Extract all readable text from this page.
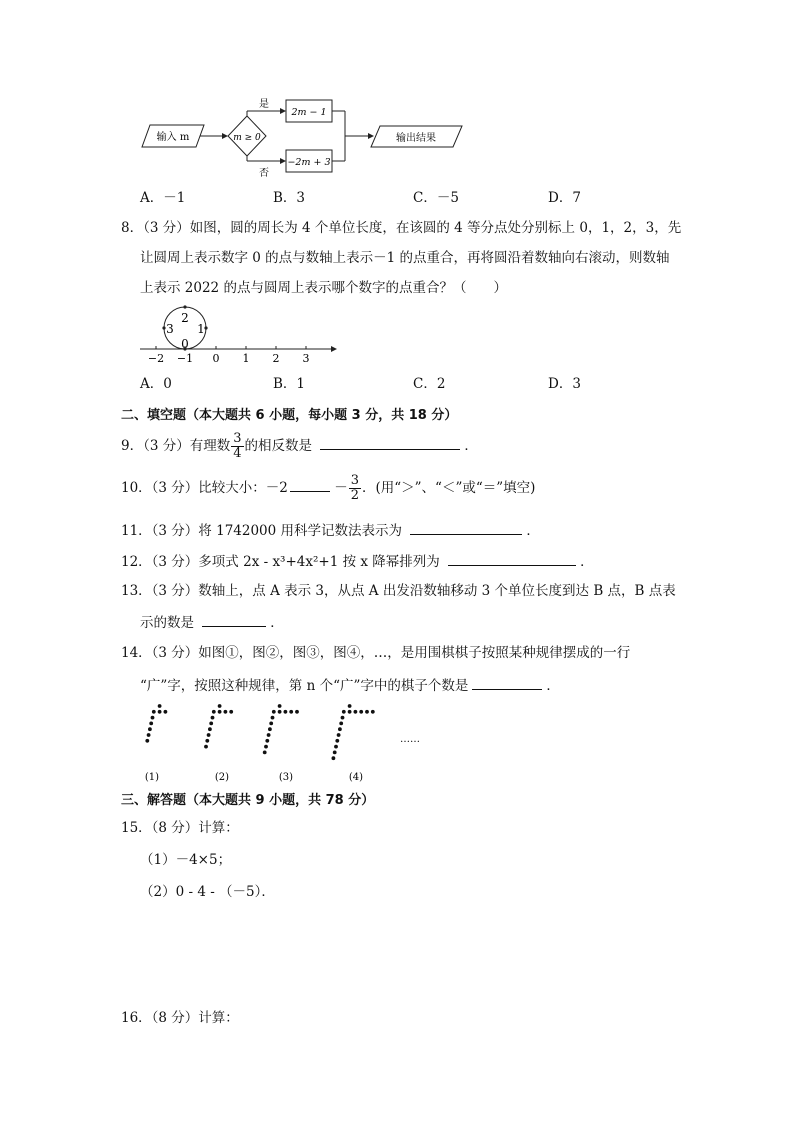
输入 m	m ≥ 0
是
否
2m − 1
−2m + 3
输出结果
A．－1	B．3	C．－5	D．7
8．（3 分）如图，圆的周长为 4 个单位长度，在该圆的 4 等分点处分别标上 0，1，2，3，先
让圆周上表示数字 0 的点与数轴上表示－1 的点重合，再将圆沿着数轴向右滚动，则数轴
上表示 2022 的点与圆周上表示哪个数字的点重合？（　　）
2
3 1
0
−2 −1 0 1 2 3
A．0	B．1	C．2	D．3
二、填空题（本大题共 6 小题，每小题 3 分，共 18 分）
9．（3 分）有理数 $\frac{3}{4}$ 的相反数是	．
10．（3 分）比较大小：－2	－ $\frac{3}{2}$ ．(用“＞”、“＜”或“＝”填空)
11．（3 分）将 1742000 用科学记数法表示为	．
12．（3 分）多项式 2x - x³+4x²+1 按 x 降幂排列为	．
13．（3 分）数轴上，点 A 表示 3，从点 A 出发沿数轴移动 3 个单位长度到达 B 点，B 点表
示的数是	．
14．（3 分）如图①，图②，图③，图④，…，是用围棋棋子按照某种规律摆成的一行
“广”字，按照这种规律，第 n 个“广”字中的棋子个数是	．
(1)	(2)	(3)	(4)
……
三、解答题（本大题共 9 小题，共 78 分）
15．（8 分）计算：
（1）－4×5；
（2）0 - 4 - （－5）．
16．（8 分）计算：
